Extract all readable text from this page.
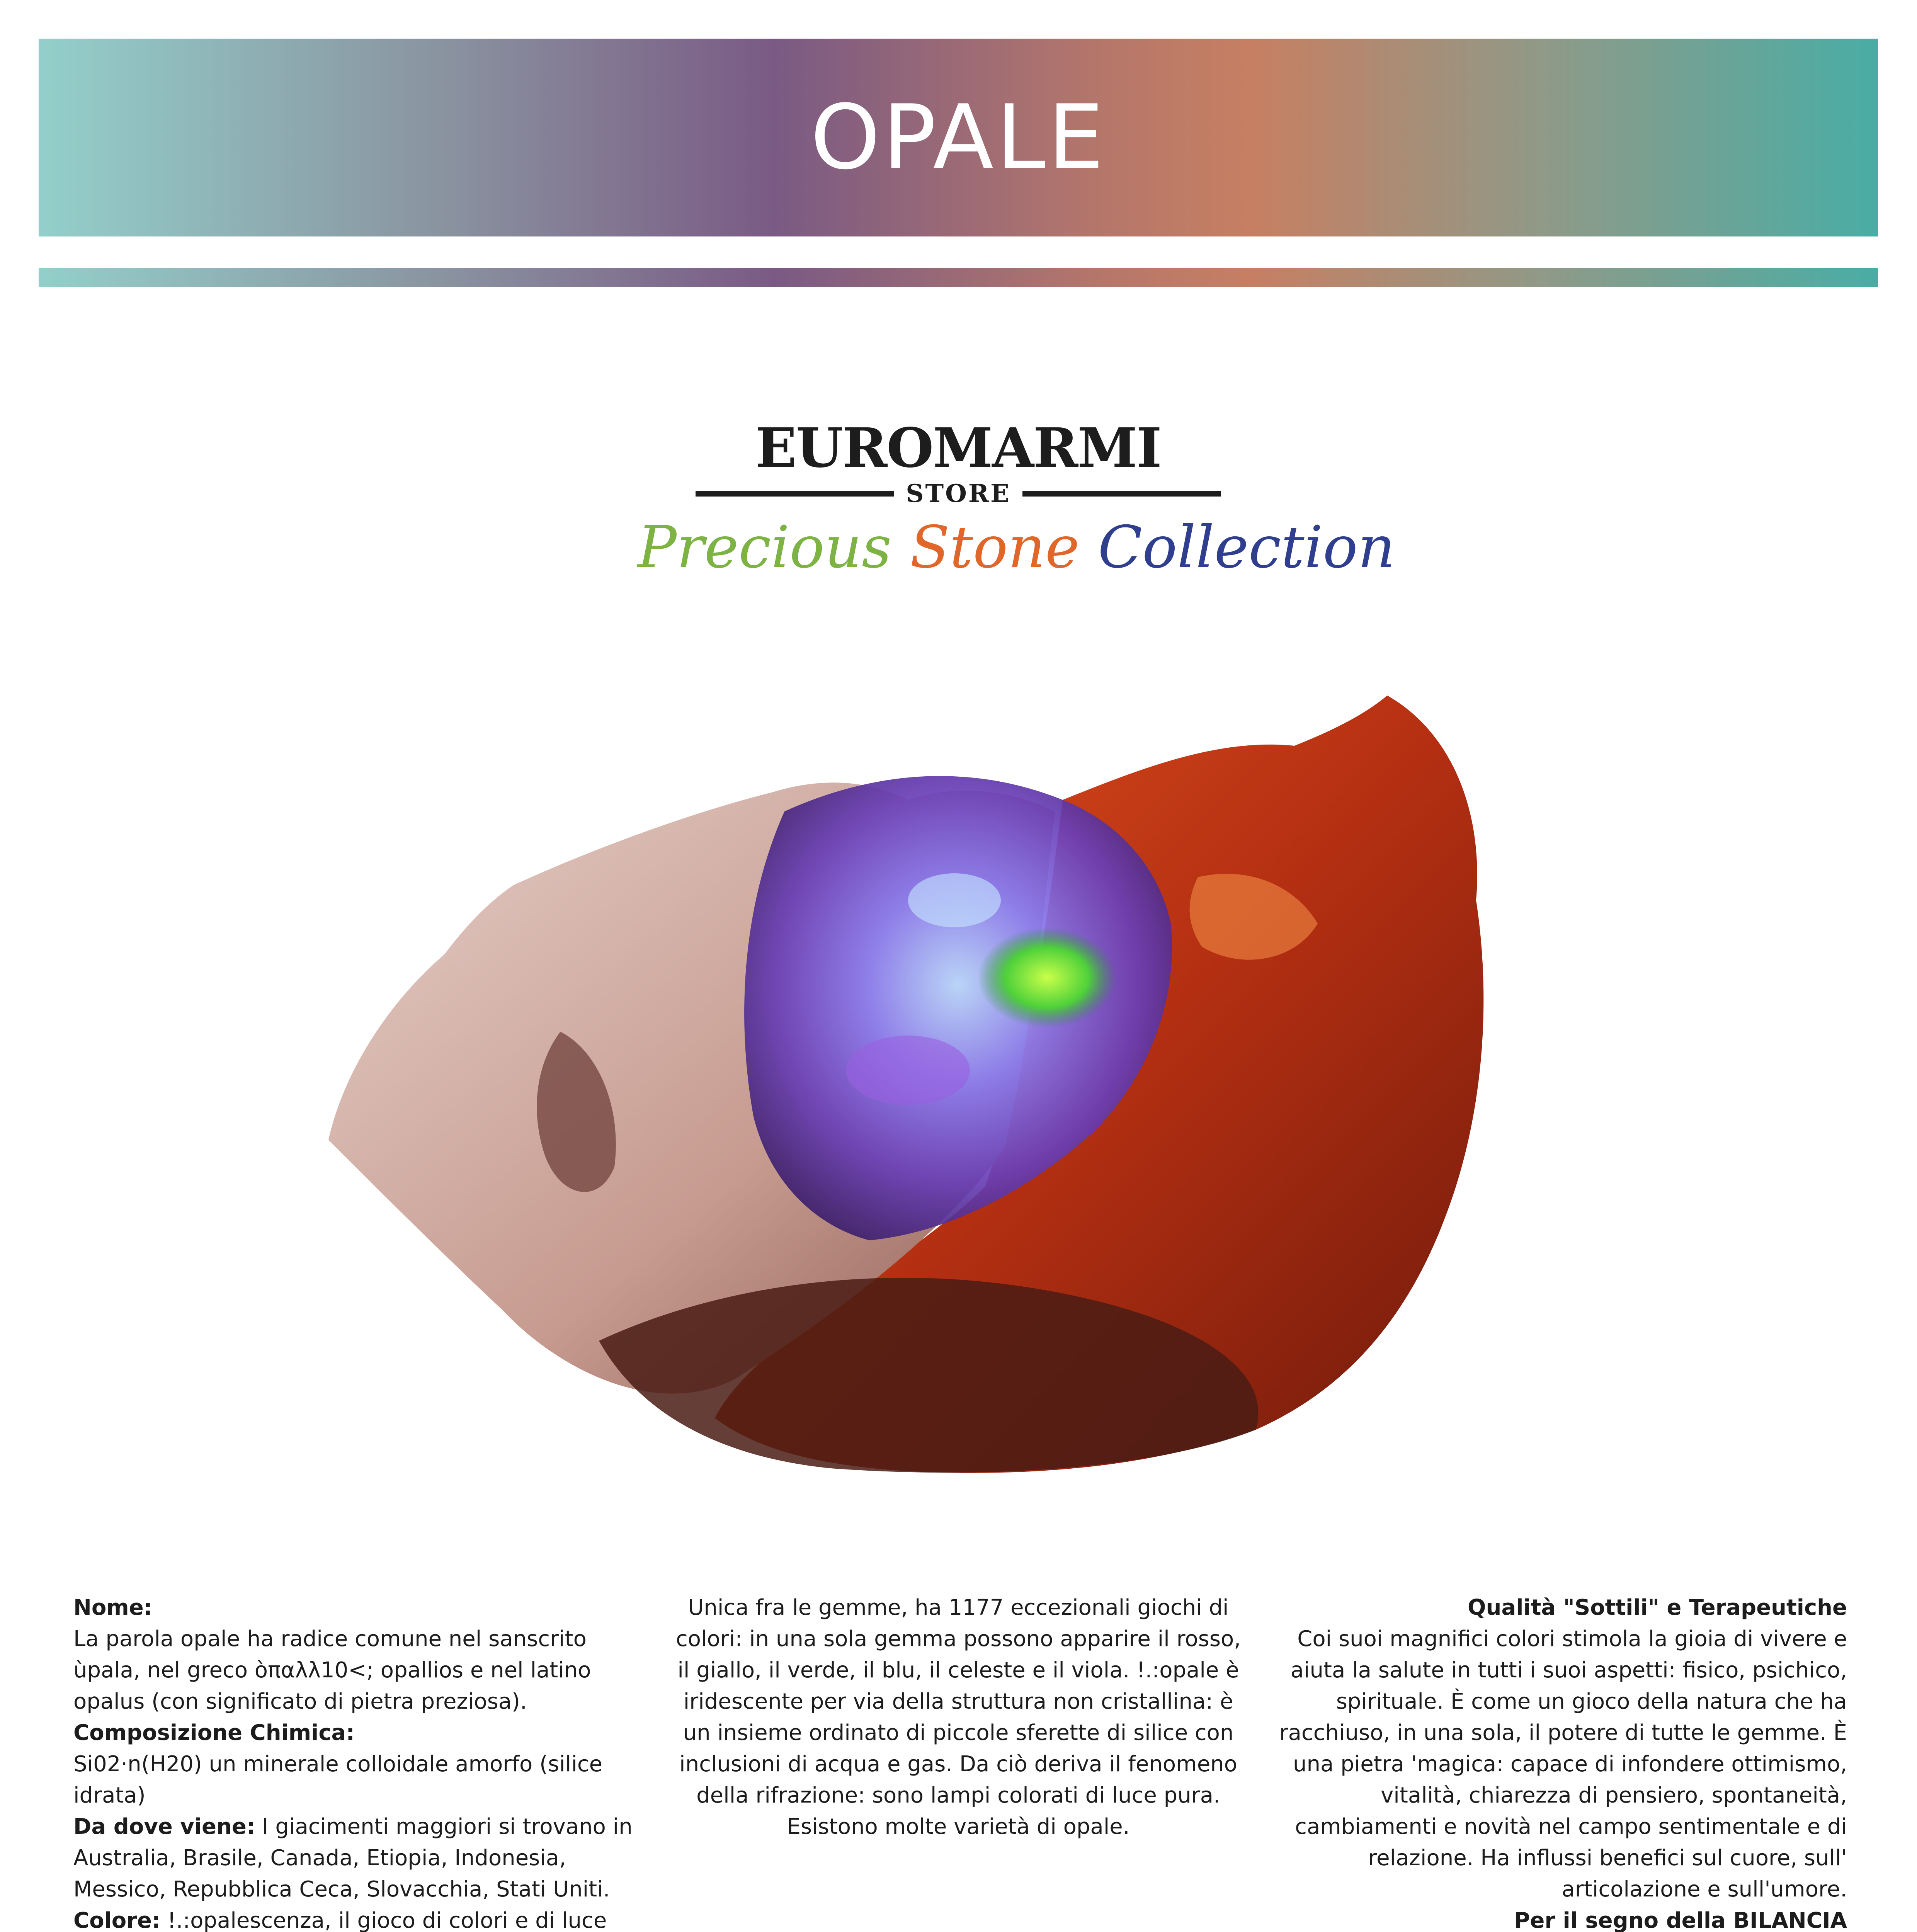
OPALE
EUROMARMI
STORE
Precious Stone Collection

Nome:

La parola opale ha radice comune nel sanscrito ùpala, nel greco òπαλλ10<; opallios e nel latino opalus (con significato di pietra preziosa).

Composizione Chimica:

Si02·n(H20) un minerale colloidale amorfo (silice idrata)

Da dove viene: I giacimenti maggiori si trovano in Australia, Brasile, Canada, Etiopia, Indonesia, Messico, Repubblica Ceca, Slovacchia, Stati Uniti.

Colore: !.:opalescenza, il gioco di colori e di luce

Unica fra le gemme, ha 1177 eccezionali giochi di colori: in una sola gemma possono apparire il rosso, il giallo, il verde, il blu, il celeste e il viola. !.:opale è iridescente per via della struttura non cristallina: è un insieme ordinato di piccole sferette di silice con inclusioni di acqua e gas. Da ciò deriva il fenomeno della rifrazione: sono lampi colorati di luce pura. Esistono molte varietà di opale.

Qualità "Sottili" e Terapeutiche

Coi suoi magnifici colori stimola la gioia di vivere e aiuta la salute in tutti i suoi aspetti: fisico, psichico, spirituale. È come un gioco della natura che ha racchiuso, in una sola, il potere di tutte le gemme. È una pietra 'magica: capace di infondere ottimismo, vitalità, chiarezza di pensiero, spontaneità, cambiamenti e novità nel campo sentimentale e di relazione. Ha influssi benefici sul cuore, sull' articolazione e sull'umore.

Per il segno della BILANCIA
